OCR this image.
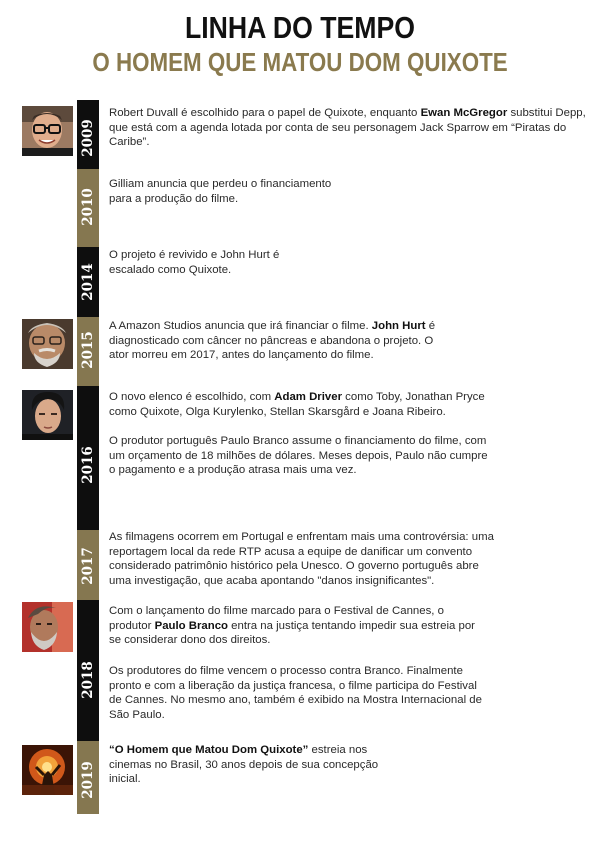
LINHA DO TEMPO
O HOMEM QUE MATOU DOM QUIXOTE
2009
2010
2014
2015
2016
2017
2018
2019

Robert Duvall é escolhido para o papel de Quixote, enquanto Ewan McGregor substitui Depp, que está com a agenda lotada por conta de seu personagem Jack Sparrow em “Piratas do Caribe”.

Gilliam anuncia que perdeu o financiamento para a produção do filme.

O projeto é revivido e John Hurt é escalado como Quixote.

A Amazon Studios anuncia que irá financiar o filme. John Hurt é diagnosticado com câncer no pâncreas e abandona o projeto. O ator morreu em 2017, antes do lançamento do filme.

O novo elenco é escolhido, com Adam Driver como Toby, Jonathan Pryce como Quixote, Olga Kurylenko, Stellan Skarsgård e Joana Ribeiro.

O produtor português Paulo Branco assume o financiamento do filme, com um orçamento de 18 milhões de dólares. Meses depois, Paulo não cumpre o pagamento e a produção atrasa mais uma vez.

As filmagens ocorrem em Portugal e enfrentam mais uma controvérsia: uma reportagem local da rede RTP acusa a equipe de danificar um convento considerado patrimônio histórico pela Unesco. O governo português abre uma investigação, que acaba apontando "danos insignificantes".

Com o lançamento do filme marcado para o Festival de Cannes, o produtor Paulo Branco entra na justiça tentando impedir sua estreia por se considerar dono dos direitos.

Os produtores do filme vencem o processo contra Branco. Finalmente pronto e com a liberação da justiça francesa, o filme participa do Festival de Cannes. No mesmo ano, também é exibido na Mostra Internacional de São Paulo.

“O Homem que Matou Dom Quixote” estreia nos cinemas no Brasil, 30 anos depois de sua concepção inicial.
